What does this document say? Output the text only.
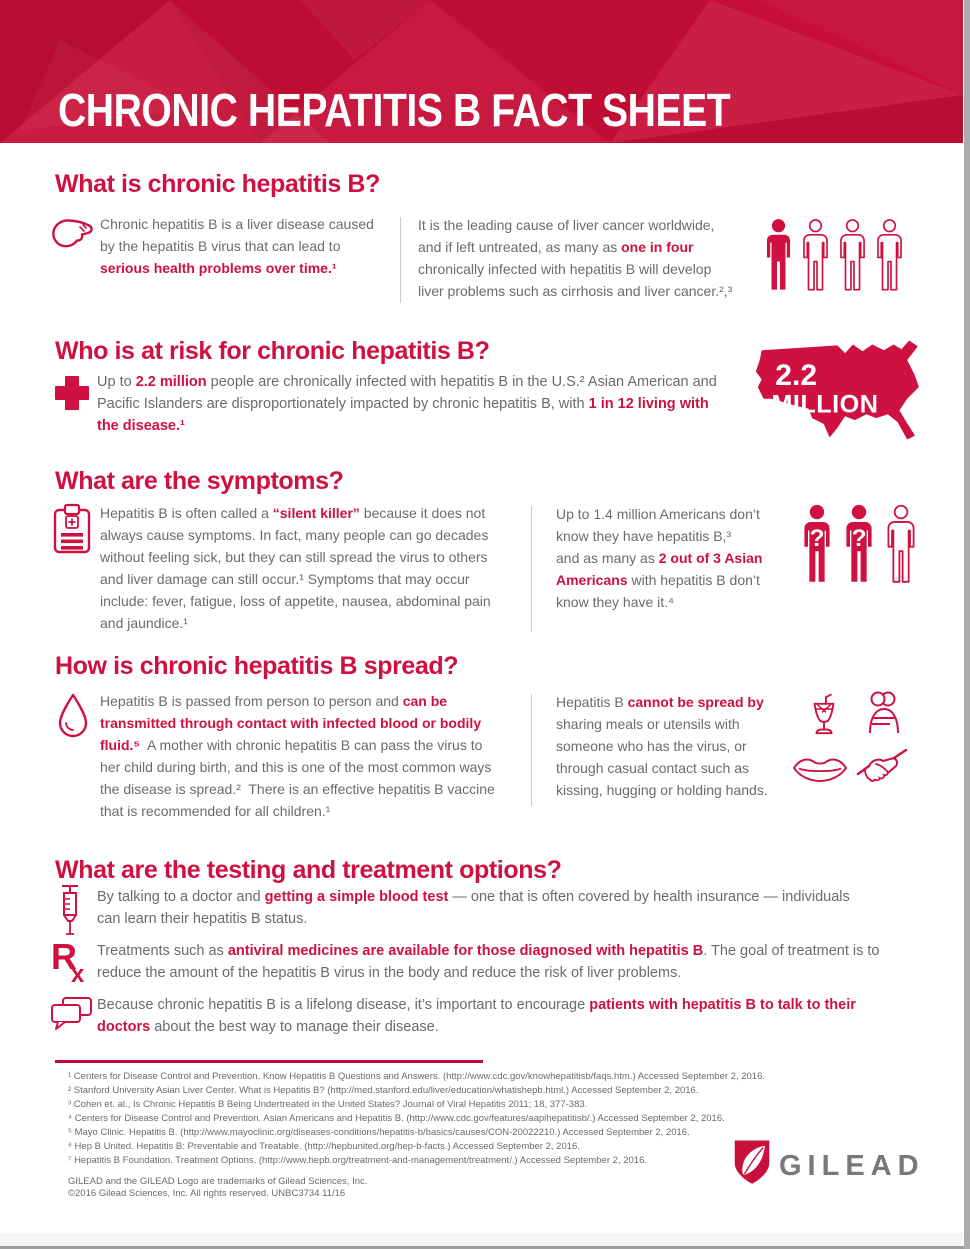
CHRONIC HEPATITIS B FACT SHEET
What is chronic hepatitis B?
Chronic hepatitis B is a liver disease caused
by the hepatitis B virus that can lead to
serious health problems over time.¹
It is the leading cause of liver cancer worldwide,
and if left untreated, as many as one in four
chronically infected with hepatitis B will develop
liver problems such as cirrhosis and liver cancer.²,³
Who is at risk for chronic hepatitis B?
Up to 2.2 million people are chronically infected with hepatitis B in the U.S.² Asian American and
Pacific Islanders are disproportionately impacted by chronic hepatitis B, with 1 in 12 living with
the disease.¹
2.2
MILLION
What are the symptoms?
Hepatitis B is often called a “silent killer” because it does not
always cause symptoms. In fact, many people can go decades
without feeling sick, but they can still spread the virus to others
and liver damage can still occur.¹ Symptoms that may occur
include: fever, fatigue, loss of appetite, nausea, abdominal pain
and jaundice.¹
Up to 1.4 million Americans don’t
know they have hepatitis B,³
and as many as 2 out of 3 Asian
Americans with hepatitis B don’t
know they have it.⁴
? ?
How is chronic hepatitis B spread?
Hepatitis B is passed from person to person and can be
transmitted through contact with infected blood or bodily
fluid.⁵  A mother with chronic hepatitis B can pass the virus to
her child during birth, and this is one of the most common ways
the disease is spread.²  There is an effective hepatitis B vaccine
that is recommended for all children.¹
Hepatitis B cannot be spread by
sharing meals or utensils with
someone who has the virus, or
through casual contact such as
kissing, hugging or holding hands.
What are the testing and treatment options?
By talking to a doctor and getting a simple blood test — one that is often covered by health insurance — individuals
can learn their hepatitis B status.
R
x
Treatments such as antiviral medicines are available for those diagnosed with hepatitis B. The goal of treatment is to
reduce the amount of the hepatitis B virus in the body and reduce the risk of liver problems.
Because chronic hepatitis B is a lifelong disease, it’s important to encourage patients with hepatitis B to talk to their
doctors about the best way to manage their disease.
¹ Centers for Disease Control and Prevention. Know Hepatitis B Questions and Answers. (http://www.cdc.gov/knowhepatitisb/faqs.htm.) Accessed September 2, 2016.
² Stanford University Asian Liver Center. What is Hepatitis B? (http://med.stanford.edu/liver/education/whatishepb.html.) Accessed September 2, 2016.
³ Cohen et. al., Is Chronic Hepatitis B Being Undertreated in the United States? Journal of Viral Hepatitis 2011; 18, 377-383.
⁴ Centers for Disease Control and Prevention. Asian Americans and Hepatitis B. (http://www.cdc.gov/features/aapihepatitisb/.) Accessed September 2, 2016.
⁵ Mayo Clinic. Hepatitis B. (http://www.mayoclinic.org/diseases-conditions/hepatitis-b/basics/causes/CON-20022210.) Accessed September 2, 2016.
⁶ Hep B United. Hepatitis B: Preventable and Treatable. (http://hepbunited.org/hep-b-facts.) Accessed September 2, 2016.
⁷ Hepatitis B Foundation. Treatment Options. (http://www.hepb.org/treatment-and-management/treatment/.) Accessed September 2, 2016.
GILEAD and the GILEAD Logo are trademarks of Gilead Sciences, Inc.
©2016 Gilead Sciences, Inc. All rights reserved. UNBC3734 11/16
GILEAD
